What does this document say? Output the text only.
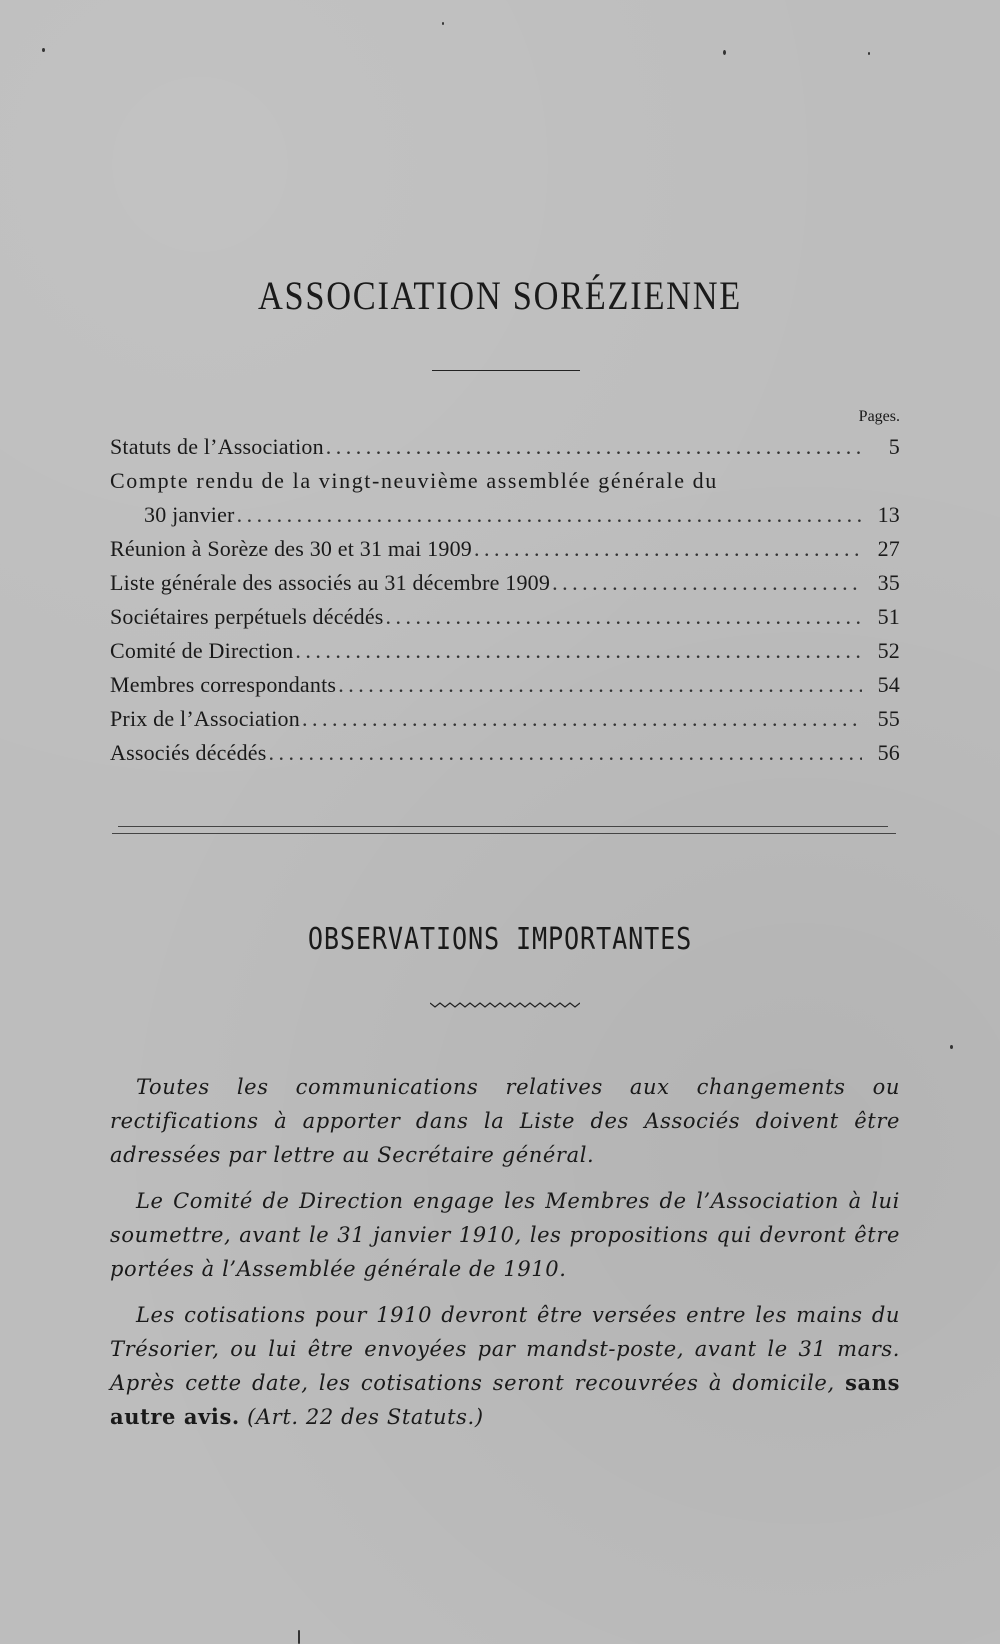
ASSOCIATION SORÉZIENNE
Pages.
Statuts de l’Association .....	5
Compte rendu de la vingt-neuvième assemblée générale du
30 janvier .....	13
Réunion à Sorèze des 30 et 31 mai 1909 .....	27
Liste générale des associés au 31 décembre 1909 .....	35
Sociétaires perpétuels décédés .....	51
Comité de Direction .....	52
Membres correspondants .....	54
Prix de l’Association .....	55
Associés décédés .....	56
OBSERVATIONS IMPORTANTES

Toutes les communications relatives aux changements ou rectifications à apporter dans la Liste des Associés doivent être adressées par lettre au Secrétaire général.

Le Comité de Direction engage les Membres de l’Association à lui soumettre, avant le 31 janvier 1910, les propositions qui devront être portées à l’Assemblée générale de 1910.

Les cotisations pour 1910 devront être versées entre les mains du Trésorier, ou lui être envoyées par mandst-poste, avant le 31 mars. Après cette date, les cotisations seront recouvrées à domicile, sans autre avis. (Art. 22 des Statuts.)
